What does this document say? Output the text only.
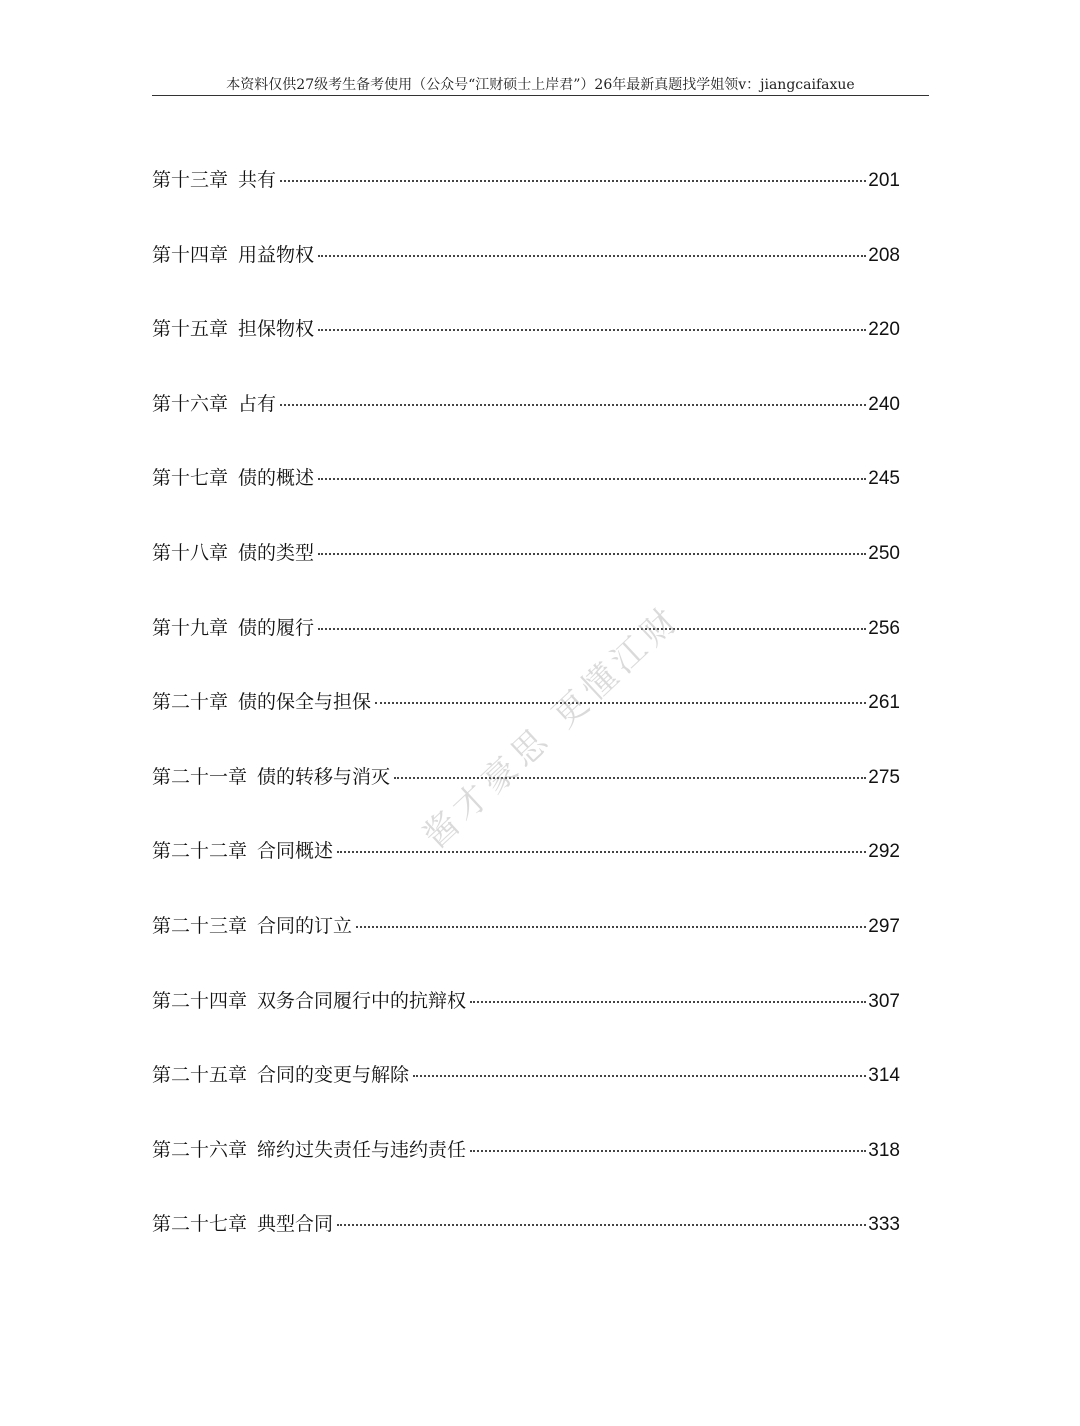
本资料仅供27级考生备考使用（公众号“江财硕士上岸君”）26年最新真题找学姐领v：jiangcaifaxue
第十三章 共有	201
第十四章 用益物权	208
第十五章 担保物权	220
第十六章 占有	240
第十七章 债的概述	245
第十八章 债的类型	250
第十九章 债的履行	256
第二十章 债的保全与担保	261
第二十一章 债的转移与消灭	275
第二十二章 合同概述	292
第二十三章 合同的订立	297
第二十四章 双务合同履行中的抗辩权	307
第二十五章 合同的变更与解除	314
第二十六章 缔约过失责任与违约责任	318
第二十七章 典型合同	333
酱才豪思 更懂江财
